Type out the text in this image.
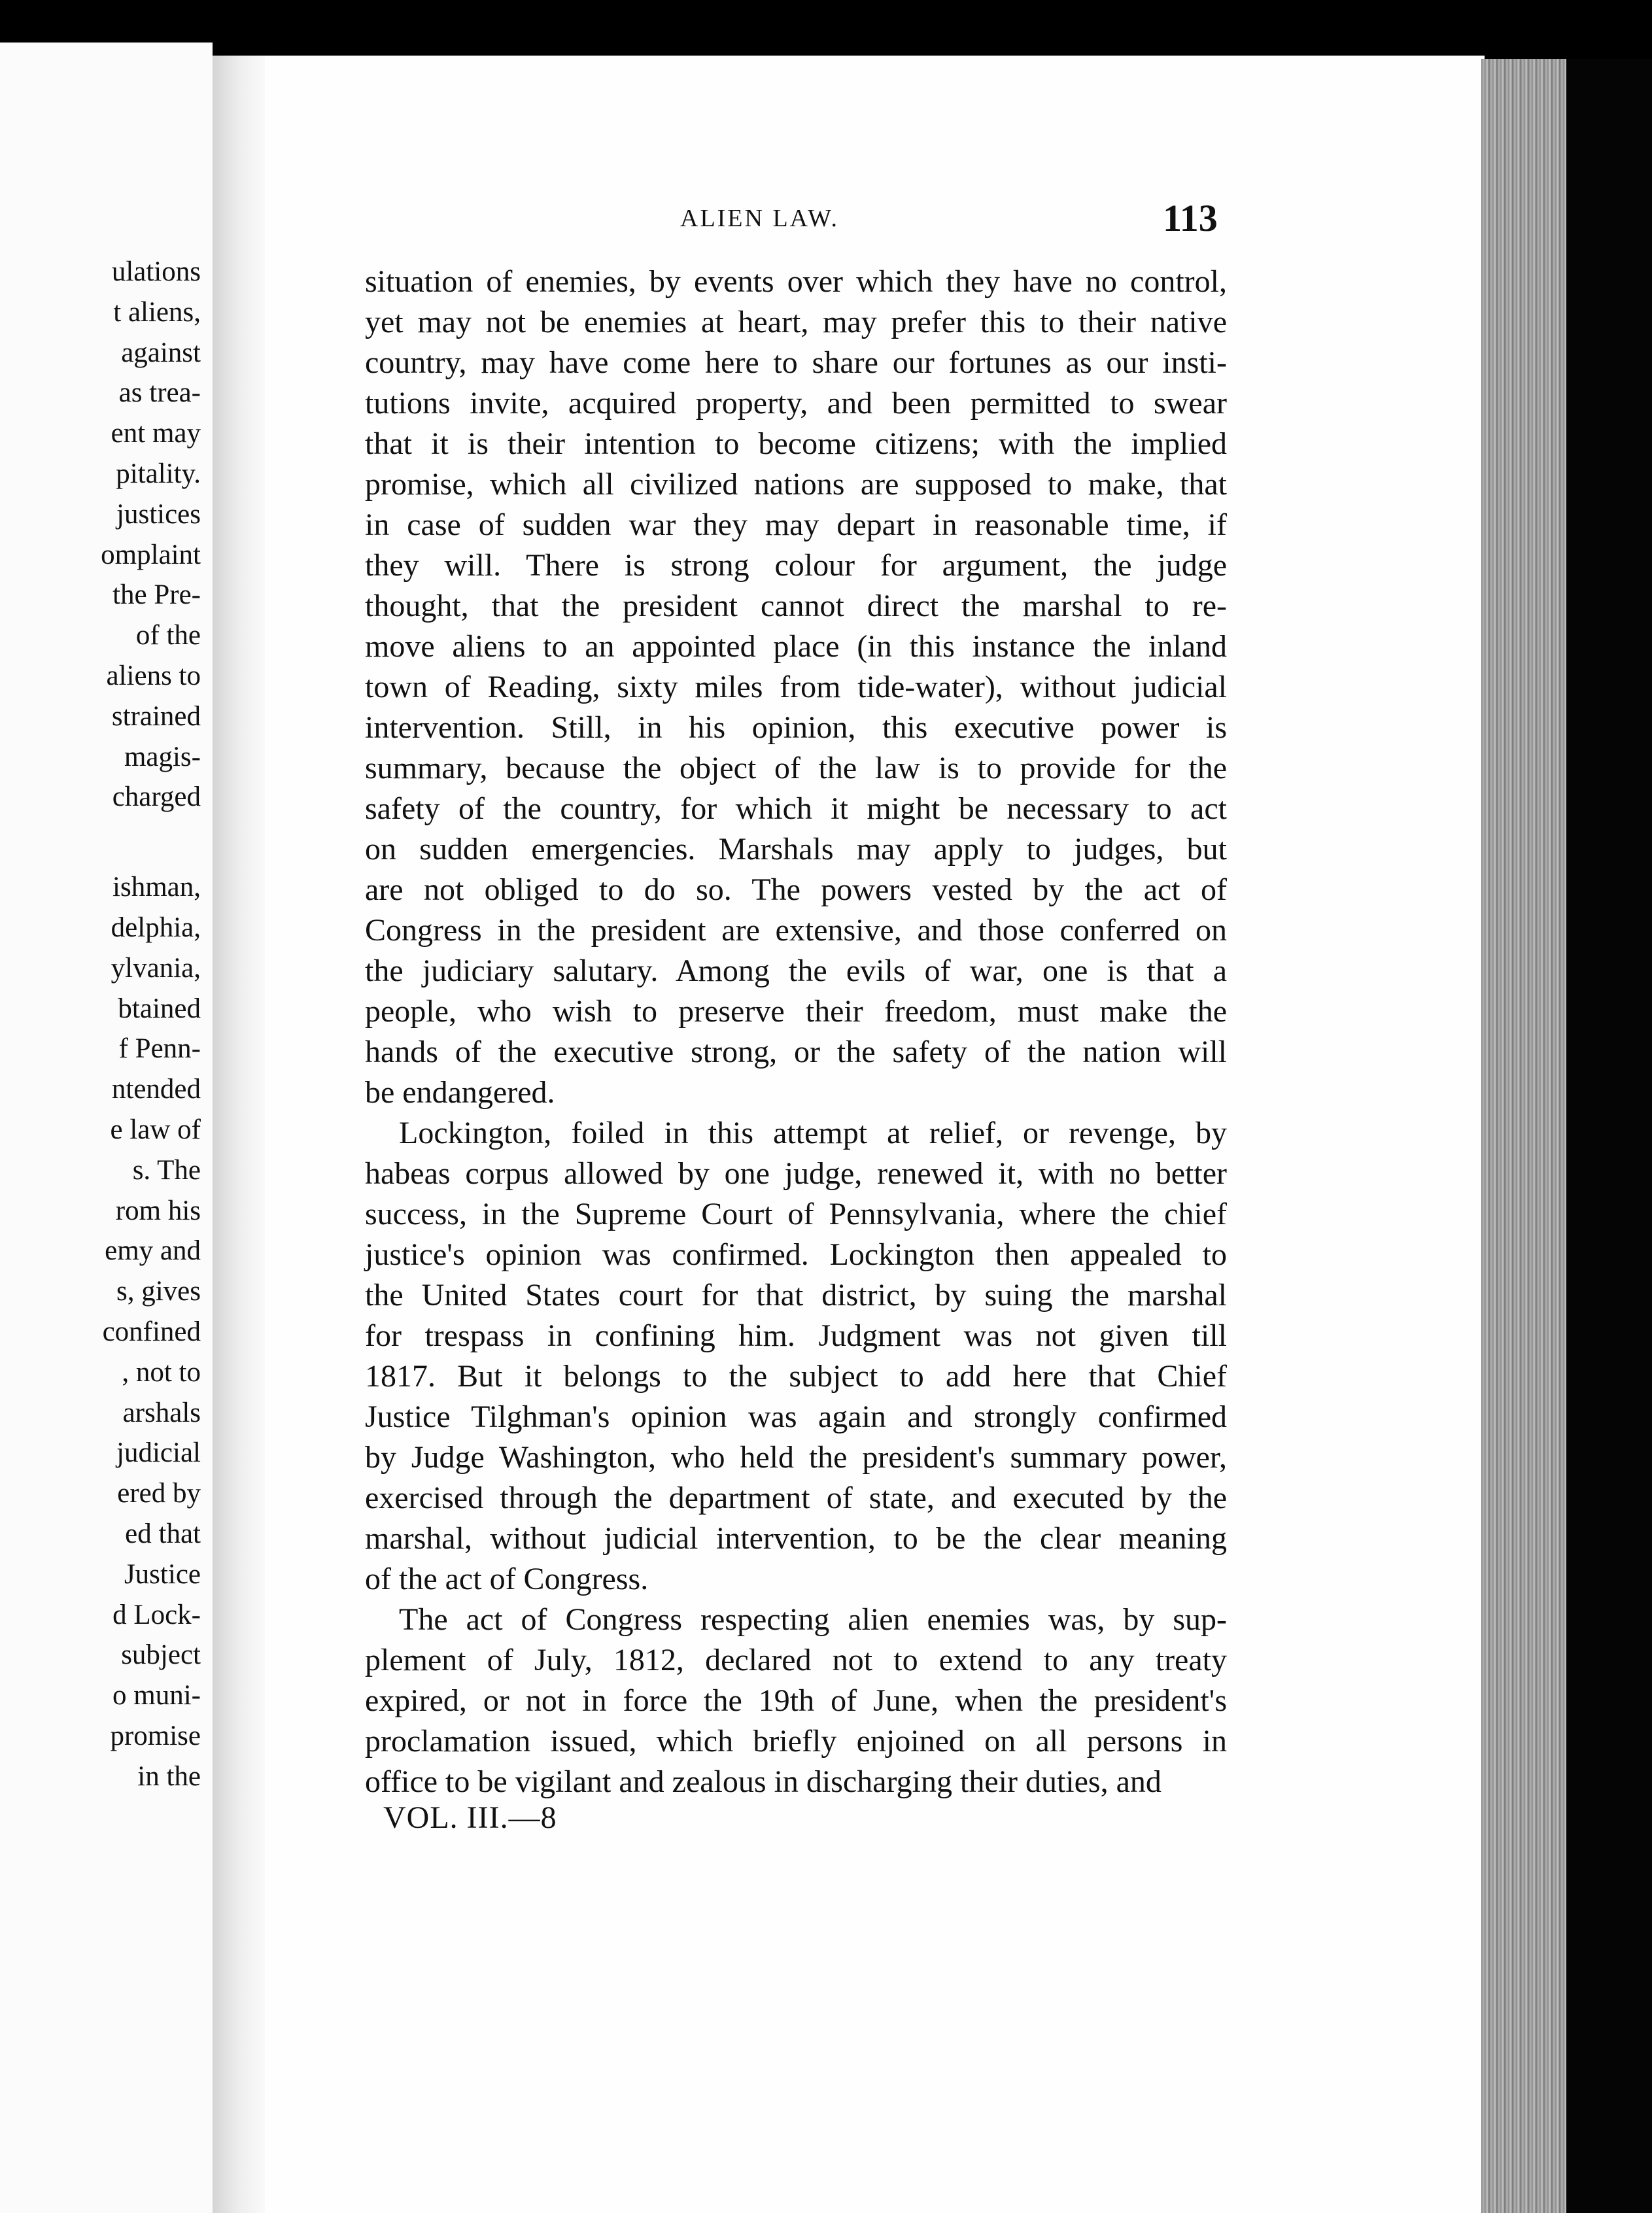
ulations
t aliens,
against
as trea-
ent may
pitality.
justices
omplaint
the Pre-
of the
aliens to
strained
magis-
charged
ishman,
delphia,
ylvania,
btained
f Penn-
ntended
e law of
s. The
rom his
emy and
s, gives
confined
, not to
arshals
judicial
ered by
ed that
Justice
d Lock-
subject
o muni-
promise
in the
ALIEN LAW.	113
situation of enemies, by events over which they have no control,
yet may not be enemies at heart, may prefer this to their native
country, may have come here to share our fortunes as our insti-
tutions invite, acquired property, and been permitted to swear
that it is their intention to become citizens; with the implied
promise, which all civilized nations are supposed to make, that
in case of sudden war they may depart in reasonable time, if
they will. There is strong colour for argument, the judge
thought, that the president cannot direct the marshal to re-
move aliens to an appointed place (in this instance the inland
town of Reading, sixty miles from tide-water), without judicial
intervention. Still, in his opinion, this executive power is
summary, because the object of the law is to provide for the
safety of the country, for which it might be necessary to act
on sudden emergencies. Marshals may apply to judges, but
are not obliged to do so. The powers vested by the act of
Congress in the president are extensive, and those conferred on
the judiciary salutary. Among the evils of war, one is that a
people, who wish to preserve their freedom, must make the
hands of the executive strong, or the safety of the nation will
be endangered.
Lockington, foiled in this attempt at relief, or revenge, by
habeas corpus allowed by one judge, renewed it, with no better
success, in the Supreme Court of Pennsylvania, where the chief
justice's opinion was confirmed. Lockington then appealed to
the United States court for that district, by suing the marshal
for trespass in confining him. Judgment was not given till
1817. But it belongs to the subject to add here that Chief
Justice Tilghman's opinion was again and strongly confirmed
by Judge Washington, who held the president's summary power,
exercised through the department of state, and executed by the
marshal, without judicial intervention, to be the clear meaning
of the act of Congress.
The act of Congress respecting alien enemies was, by sup-
plement of July, 1812, declared not to extend to any treaty
expired, or not in force the 19th of June, when the president's
proclamation issued, which briefly enjoined on all persons in
office to be vigilant and zealous in discharging their duties, and
VOL. III.—8
